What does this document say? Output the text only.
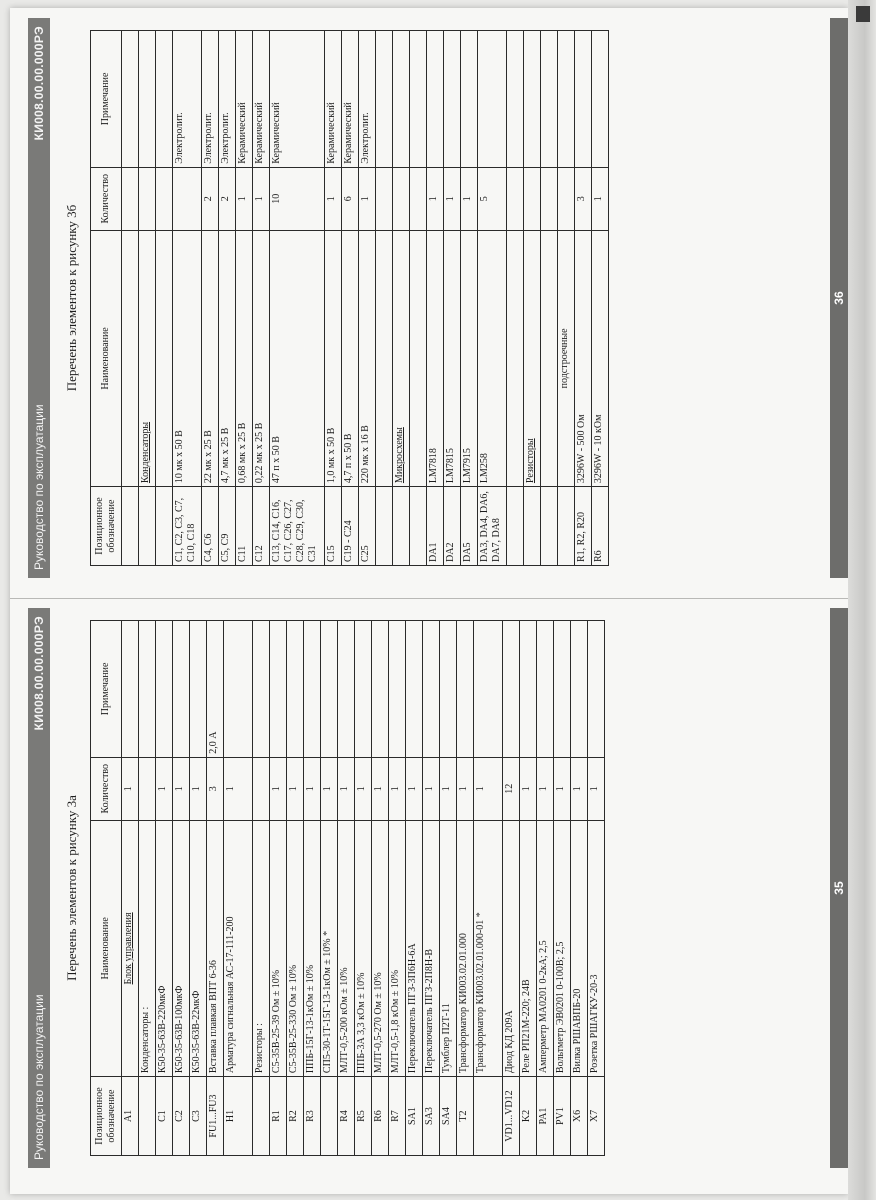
Руководство по эксплуатации
КИ008.00.00.000РЭ
Перечень элементов к рисунку 3а
Позиционное обозначение	Наименование	Количество	Примечание
A1	Блок управления	1	
	Конденсаторы :		
C1	К50-35-63В-220мкФ	1	
C2	К50-35-63В-100мкФ	1	
C3	К50-35-63В-22мкФ	1	
FU1...FU3	Вставка плавкая ВПТ 6-36	3	2,0 А
H1	Арматура сигнальная АС-17-111-200	1	
	Резисторы :		
R1	С5-35В-25-39 Ом ± 10%	1	
R2	С5-35В-25-330 Ом ± 10%	1	
R3	ППБ-15Г-13-1кОм ± 10%	1	
	СП5-30-1Т-15Г-13-1кОм ± 10% *	1	
R4	МЛТ-0,5-200 кОм ± 10%	1	
R5	ППБ-3А 3,3 кОм ± 10%	1	
R6	МЛТ-0,5-270 Ом ± 10%	1	
R7	МЛТ-0,5-1,8 кОм ± 10%	1	
SA1	Переключатель ПГЗ-3П6Н-6А	1	
SA3	Переключатель ПГЗ-2П8Н-В	1	
SA4	Тумблер П2Т-11	1	
T2	Трансформатор КИ003.02.01.000	1	
	Трансформатор КИ003.02.01.000-01 *	1	
VD1...VD12	Диод КД 209А	12	
K2	Реле РП21М-220; 24В	1	
PA1	Амперметр МА0201 0-2кА; 2,5	1	
PV1	Вольтметр ЭВ0201 0-100В; 2,5	1	
X6	Вилка РШАВПБ-20	1	
X7	Розетка РШАГКУ-20-3	1	
35
Руководство по эксплуатации
КИ008.00.00.000РЭ
Перечень элементов к рисунку 3б
Позиционное обозначение	Наименование	Количество	Примечание

	Конденсаторы		

С1, С2, С3, С7, С10, С18	10 мк х 50 В		Электролит.
С4, С6	22 мк х 25 В	2	Электролит.
С5, С9	4,7 мк х 25 В	2	Электролит.
С11	0,68 мк х 25 В	1	Керамический
С12	0,22 мк х 25 В	1	Керамический
С13, С14, С16, С17, С26, С27, С28, С29, С30, С31	47 п х 50 В	10	Керамический
С15	1,0 мк х 50 В	1	Керамический
С19 - С24	4,7 п х 50 В	6	Керамический
С25	220 мк х 16 В	1	Электролит.

	Микросхемы		

DA1	LM7818	1	
DA2	LM7815	1	
DA5	LM7915	1	
DA3, DA4, DA6, DA7, DA8	LM258	5	

	Резисторы		

	подстроечные		
R1, R2, R20	3296W - 500 Ом	3	
R6	3296W - 10 кОм	1	
36
